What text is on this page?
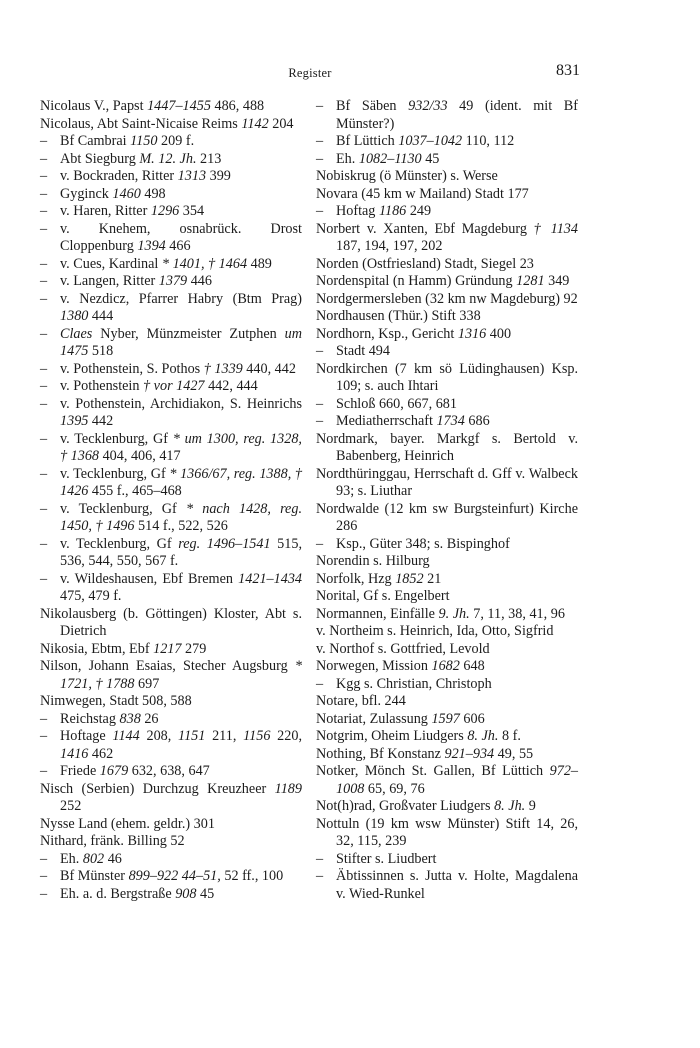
Register	831
Nicolaus V., Papst 1447–1455 486, 488
Nicolaus, Abt Saint-Nicaise Reims 1142 204
– Bf Cambrai 1150 209 f.
– Abt Siegburg M. 12. Jh. 213
– v. Bockraden, Ritter 1313 399
– Gyginck 1460 498
– v. Haren, Ritter 1296 354
– v. Knehem, osnabrück. Drost Cloppenburg 1394 466
– v. Cues, Kardinal * 1401, † 1464 489
– v. Langen, Ritter 1379 446
– v. Nezdicz, Pfarrer Habry (Btm Prag) 1380 444
– Claes Nyber, Münzmeister Zutphen um 1475 518
– v. Pothenstein, S. Pothos † 1339 440, 442
– v. Pothenstein † vor 1427 442, 444
– v. Pothenstein, Archidiakon, S. Heinrichs 1395 442
– v. Tecklenburg, Gf * um 1300, reg. 1328, † 1368 404, 406, 417
– v. Tecklenburg, Gf * 1366/67, reg. 1388, † 1426 455 f., 465–468
– v. Tecklenburg, Gf * nach 1428, reg. 1450, † 1496 514 f., 522, 526
– v. Tecklenburg, Gf reg. 1496–1541 515, 536, 544, 550, 567 f.
– v. Wildeshausen, Ebf Bremen 1421–1434 475, 479 f.
Nikolausberg (b. Göttingen) Kloster, Abt s. Dietrich
Nikosia, Ebtm, Ebf 1217 279
Nilson, Johann Esaias, Stecher Augsburg * 1721, † 1788 697
Nimwegen, Stadt 508, 588
– Reichstag 838 26
– Hoftage 1144 208, 1151 211, 1156 220, 1416 462
– Friede 1679 632, 638, 647
Nisch (Serbien) Durchzug Kreuzheer 1189 252
Nysse Land (ehem. geldr.) 301
Nithard, fränk. Billing 52
– Eh. 802 46
– Bf Münster 899–922 44–51, 52 ff., 100
– Eh. a. d. Bergstraße 908 45
– Bf Säben 932/33 49 (ident. mit Bf Münster?)
– Bf Lüttich 1037–1042 110, 112
– Eh. 1082–1130 45
Nobiskrug (ö Münster) s. Werse
Novara (45 km w Mailand) Stadt 177
– Hoftag 1186 249
Norbert v. Xanten, Ebf Magdeburg † 1134 187, 194, 197, 202
Norden (Ostfriesland) Stadt, Siegel 23
Nordenspital (n Hamm) Gründung 1281 349
Nordgermersleben (32 km nw Magdeburg) 92
Nordhausen (Thür.) Stift 338
Nordhorn, Ksp., Gericht 1316 400
– Stadt 494
Nordkirchen (7 km sö Lüdinghausen) Ksp. 109; s. auch Ihtari
– Schloß 660, 667, 681
– Mediatherrschaft 1734 686
Nordmark, bayer. Markgf s. Bertold v. Babenberg, Heinrich
Nordthüringgau, Herrschaft d. Gff v. Walbeck 93; s. Liuthar
Nordwalde (12 km sw Burgsteinfurt) Kirche 286
– Ksp., Güter 348; s. Bispinghof
Norendin s. Hilburg
Norfolk, Hzg 1852 21
Norital, Gf s. Engelbert
Normannen, Einfälle 9. Jh. 7, 11, 38, 41, 96
v. Northeim s. Heinrich, Ida, Otto, Sigfrid
v. Northof s. Gottfried, Levold
Norwegen, Mission 1682 648
– Kgg s. Christian, Christoph
Notare, bfl. 244
Notariat, Zulassung 1597 606
Notgrim, Oheim Liudgers 8. Jh. 8 f.
Nothing, Bf Konstanz 921–934 49, 55
Notker, Mönch St. Gallen, Bf Lüttich 972–1008 65, 69, 76
Not(h)rad, Großvater Liudgers 8. Jh. 9
Nottuln (19 km wsw Münster) Stift 14, 26, 32, 115, 239
– Stifter s. Liudbert
– Äbtissinnen s. Jutta v. Holte, Magdalena v. Wied-Runkel
